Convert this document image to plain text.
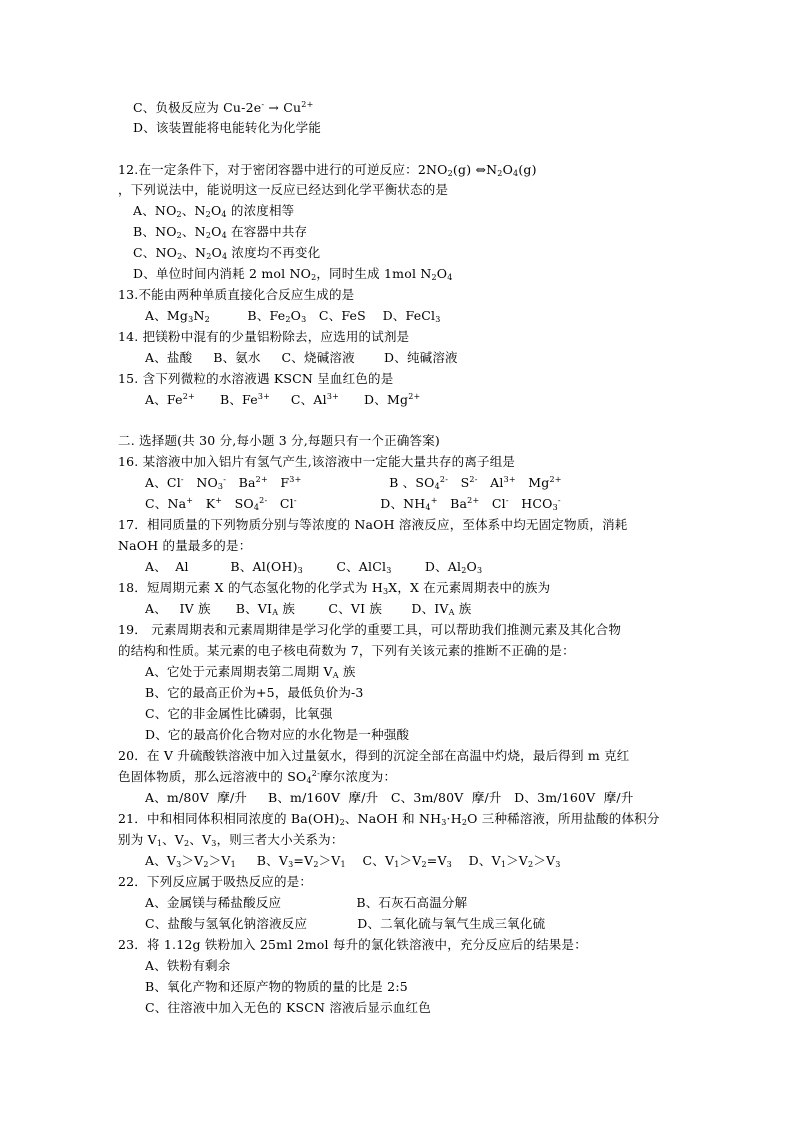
C、负极反应为 $Cu-2e^- \to Cu^{2+}$
D、该装置能将电能转化为化学能
12.在一定条件下，对于密闭容器中进行的可逆反应：$2NO_2(g)$ $\Leftrightarrow N_2O_4(g)$
，下列说法中，能说明这一反应已经达到化学平衡状态的是
A、$NO_2$、$N_2O_4$ 的浓度相等
B、$NO_2$、$N_2O_4$ 在容器中共存
C、$NO_2$、$N_2O_4$ 浓度均不再变化
D、单位时间内消耗 2 mol $NO_2$，同时生成 1mol $N_2O_4$
13.不能由两种单质直接化合反应生成的是
A、$Mg_3N_2$         B、$Fe_2O_3$   C、FeS    D、FeCl$_3$
14. 把镁粉中混有的少量铝粉除去，应选用的试剂是
A、盐酸     B、氨水     C、烧碱溶液       D、纯碱溶液
15. 含下列微粒的水溶液遇 KSCN 呈血红色的是
A、$Fe^{2+}$      B、$Fe^{3+}$     C、$Al^{3+}$      D、$Mg^{2+}$
二. 选择题(共 30 分,每小题 3 分,每题只有一个正确答案)
16. 某溶液中加入铝片有氢气产生,该溶液中一定能大量共存的离子组是
A、Cl-   $NO_3^-$   $Ba^{2+}$   $F^{3+}$                     B 、$SO_4^{2-}$   $S^{2-}$   $Al^{3+}$   $Mg^{2+}$
C、Na+   K+   $SO_4^{2-}$   Cl-                    D、$NH_4^+$   $Ba^{2+}$   Cl-   $HCO_3^-$
17．相同质量的下列物质分别与等浓度的 NaOH 溶液反应，至体系中均无固定物质，消耗
NaOH 的量最多的是：
A、  Al          B、$Al(OH)_3$        C、AlCl$_3$        D、$Al_2O_3$
18．短周期元素 X 的气态氢化物的化学式为 $H_3X$，X 在元素周期表中的族为
A、   IV 族      B、$VI_A$ 族        C、VI 族       D、$IV_A$ 族
19． 元素周期表和元素周期律是学习化学的重要工具，可以帮助我们推测元素及其化合物
的结构和性质。某元素的电子核电荷数为 7，下列有关该元素的推断不正确的是：
A、它处于元素周期表第二周期 $V_A$ 族
B、它的最高正价为+5，最低负价为-3
C、它的非金属性比磷弱，比氧强
D、它的最高价化合物对应的水化物是一种强酸
20．在 V 升硫酸铁溶液中加入过量氨水，得到的沉淀全部在高温中灼烧，最后得到 m 克红
色固体物质，那么远溶液中的 $SO_4^{2-}$摩尔浓度为：
A、m/80V  摩/升     B、m/160V  摩/升   C、3m/80V  摩/升   D、3m/160V  摩/升
21．中和相同体积相同浓度的 $Ba(OH)_2$、NaOH 和 $NH_3\cdot H_2O$ 三种稀溶液，所用盐酸的体积分
别为 $V_1$、$V_2$、$V_3$，则三者大小关系为：
A、$V_3>V_2>V_1$     B、$V_3=V_2>V_1$    C、$V_1>V_2=V_3$    D、$V_1>V_2>V_3$
22．下列反应属于吸热反应的是：
A、金属镁与稀盐酸反应                  B、石灰石高温分解
C、盐酸与氢氧化钠溶液反应            D、二氧化硫与氧气生成三氧化硫
23．将 1.12g 铁粉加入 25ml 2mol 每升的氯化铁溶液中，充分反应后的结果是：
A、铁粉有剩余
B、氧化产物和还原产物的物质的量的比是 2:5
C、往溶液中加入无色的 KSCN 溶液后显示血红色
